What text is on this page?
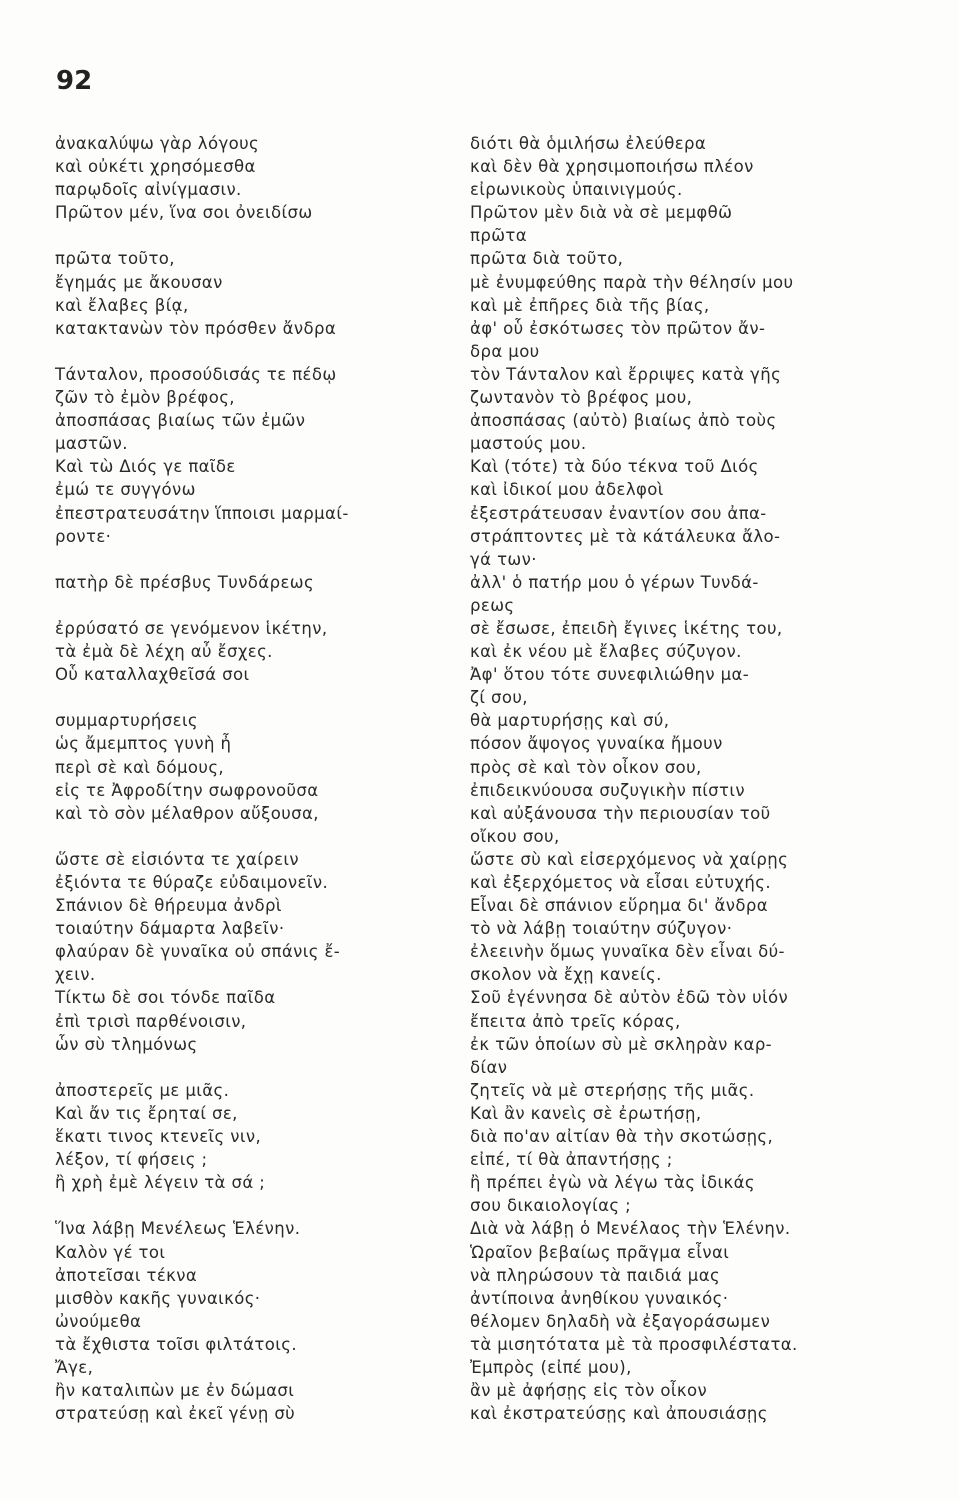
92
ἀνακαλύψω γὰρ λόγους
καὶ οὐκέτι χρησόμεσθα
παρῳδοῖς αἰνίγμασιν.
Πρῶτον μέν, ἵνα σοι ὀνειδίσω
πρῶτα τοῦτο,
ἔγημάς με ἄκουσαν
καὶ ἔλαβες βίᾳ,
κατακτανὼν τὸν πρόσθεν ἄνδρα
Τάνταλον, προσούδισάς τε πέδῳ
ζῶν τὸ ἐμὸν βρέφος,
ἀποσπάσας βιαίως τῶν ἐμῶν
μαστῶν.
Καὶ τὼ Διός γε παῖδε
ἐμώ τε συγγόνω
ἐπεστρατευσάτην ἵπποισι μαρμαί-
ροντε·
πατὴρ δὲ πρέσβυς Τυνδάρεως
ἐρρύσατό σε γενόμενον ἱκέτην,
τὰ ἐμὰ δὲ λέχη αὖ ἔσχες.
Οὗ καταλλαχθεῖσά σοι
συμμαρτυρήσεις
ὡς ἄμεμπτος γυνὴ ἦ
περὶ σὲ καὶ δόμους,
εἰς τε Ἀφροδίτην σωφρονοῦσα
καὶ τὸ σὸν μέλαθρον αὔξουσα,
ὥστε σὲ εἰσιόντα τε χαίρειν
ἐξιόντα τε θύραζε εὐδαιμονεῖν.
Σπάνιον δὲ θήρευμα ἀνδρὶ
τοιαύτην δάμαρτα λαβεῖν·
φλαύραν δὲ γυναῖκα οὐ σπάνις ἔ-
χειν.
Τίκτω δὲ σοι τόνδε παῖδα
ἐπὶ τρισὶ παρθένοισιν,
ὧν σὺ τλημόνως
ἀποστερεῖς με μιᾶς.
Καὶ ἄν τις ἔρηταί σε,
ἕκατι τινος κτενεῖς νιν,
λέξον, τί φήσεις ;
ἢ χρὴ ἐμὲ λέγειν τὰ σά ;
Ἵνα λάβῃ Μενέλεως Ἑλένην.
Καλὸν γέ τοι
ἀποτεῖσαι τέκνα
μισθὸν κακῆς γυναικός·
ὠνούμεθα
τὰ ἔχθιστα τοῖσι φιλτάτοις.
Ἄγε,
ἢν καταλιπὼν με ἐν δώμασι
στρατεύσῃ καὶ ἐκεῖ γένῃ σὺ
διότι θὰ ὁμιλήσω ἐλεύθερα
καὶ δὲν θὰ χρησιμοποιήσω πλέον
εἰρωνικοὺς ὑπαινιγμούς.
Πρῶτον μὲν διὰ νὰ σὲ μεμφθῶ
πρῶτα
πρῶτα διὰ τοῦτο,
μὲ ἐνυμφεύθης παρὰ τὴν θέλησίν μου
καὶ μὲ ἐπῆρες διὰ τῆς βίας,
ἀφ' οὗ ἐσκότωσες τὸν πρῶτον ἄν-
δρα μου
τὸν Τάνταλον καὶ ἔρριψες κατὰ γῆς
ζωντανὸν τὸ βρέφος μου,
ἀποσπάσας (αὐτὸ) βιαίως ἀπὸ τοὺς
μαστούς μου.
Καὶ (τότε) τὰ δύο τέκνα τοῦ Διός
καὶ ἰδικοί μου ἀδελφοὶ
ἐξεστράτευσαν ἐναντίον σου ἀπα-
στράπτοντες μὲ τὰ κάτάλευκα ἄλο-
γά των·
ἀλλ' ὁ πατήρ μου ὁ γέρων Τυνδά-
ρεως
σὲ ἔσωσε, ἐπειδὴ ἔγινες ἱκέτης του,
καὶ ἐκ νέου μὲ ἔλαβες σύζυγον.
Ἀφ' ὅτου τότε συνεφιλιώθην μα-
ζί σου,
θὰ μαρτυρήσῃς καὶ σύ,
πόσον ἄψογος γυναίκα ἤμουν
πρὸς σὲ καὶ τὸν οἶκον σου,
ἐπιδεικνύουσα συζυγικὴν πίστιν
καὶ αὐξάνουσα τὴν περιουσίαν τοῦ
οἴκου σου,
ὥστε σὺ καὶ εἰσερχόμενος νὰ χαίρῃς
καὶ ἐξερχόμετος νὰ εἶσαι εὐτυχής.
Εἶναι δὲ σπάνιον εὕρημα δι' ἄνδρα
τὸ νὰ λάβῃ τοιαύτην σύζυγον·
ἐλεεινὴν ὅμως γυναῖκα δὲν εἶναι δύ-
σκολον νὰ ἔχῃ κανείς.
Σοῦ ἐγέννησα δὲ αὐτὸν ἐδῶ τὸν υἱόν
ἔπειτα ἀπὸ τρεῖς κόρας,
ἐκ τῶν ὁποίων σὺ μὲ σκληρὰν καρ-
δίαν
ζητεῖς νὰ μὲ στερήσῃς τῆς μιᾶς.
Καὶ ἂν κανεὶς σὲ ἐρωτήσῃ,
διὰ πο'αν αἰτίαν θὰ τὴν σκοτώσῃς,
εἰπέ, τί θὰ ἀπαντήσῃς ;
ἢ πρέπει ἐγὼ νὰ λέγω τὰς ἰδικάς
σου δικαιολογίας ;
Διὰ νὰ λάβῃ ὁ Μενέλαος τὴν Ἑλένην.
Ὡραῖον βεβαίως πρᾶγμα εἶναι
νὰ πληρώσουν τὰ παιδιά μας
ἀντίποινα ἀνηθίκου γυναικός·
θέλομεν δηλαδὴ νὰ ἐξαγοράσωμεν
τὰ μισητότατα μὲ τὰ προσφιλέστατα.
Ἐμπρὸς (εἰπέ μου),
ἂν μὲ ἀφήσῃς εἰς τὸν οἶκον
καὶ ἐκστρατεύσῃς καὶ ἀπουσιάσῃς
